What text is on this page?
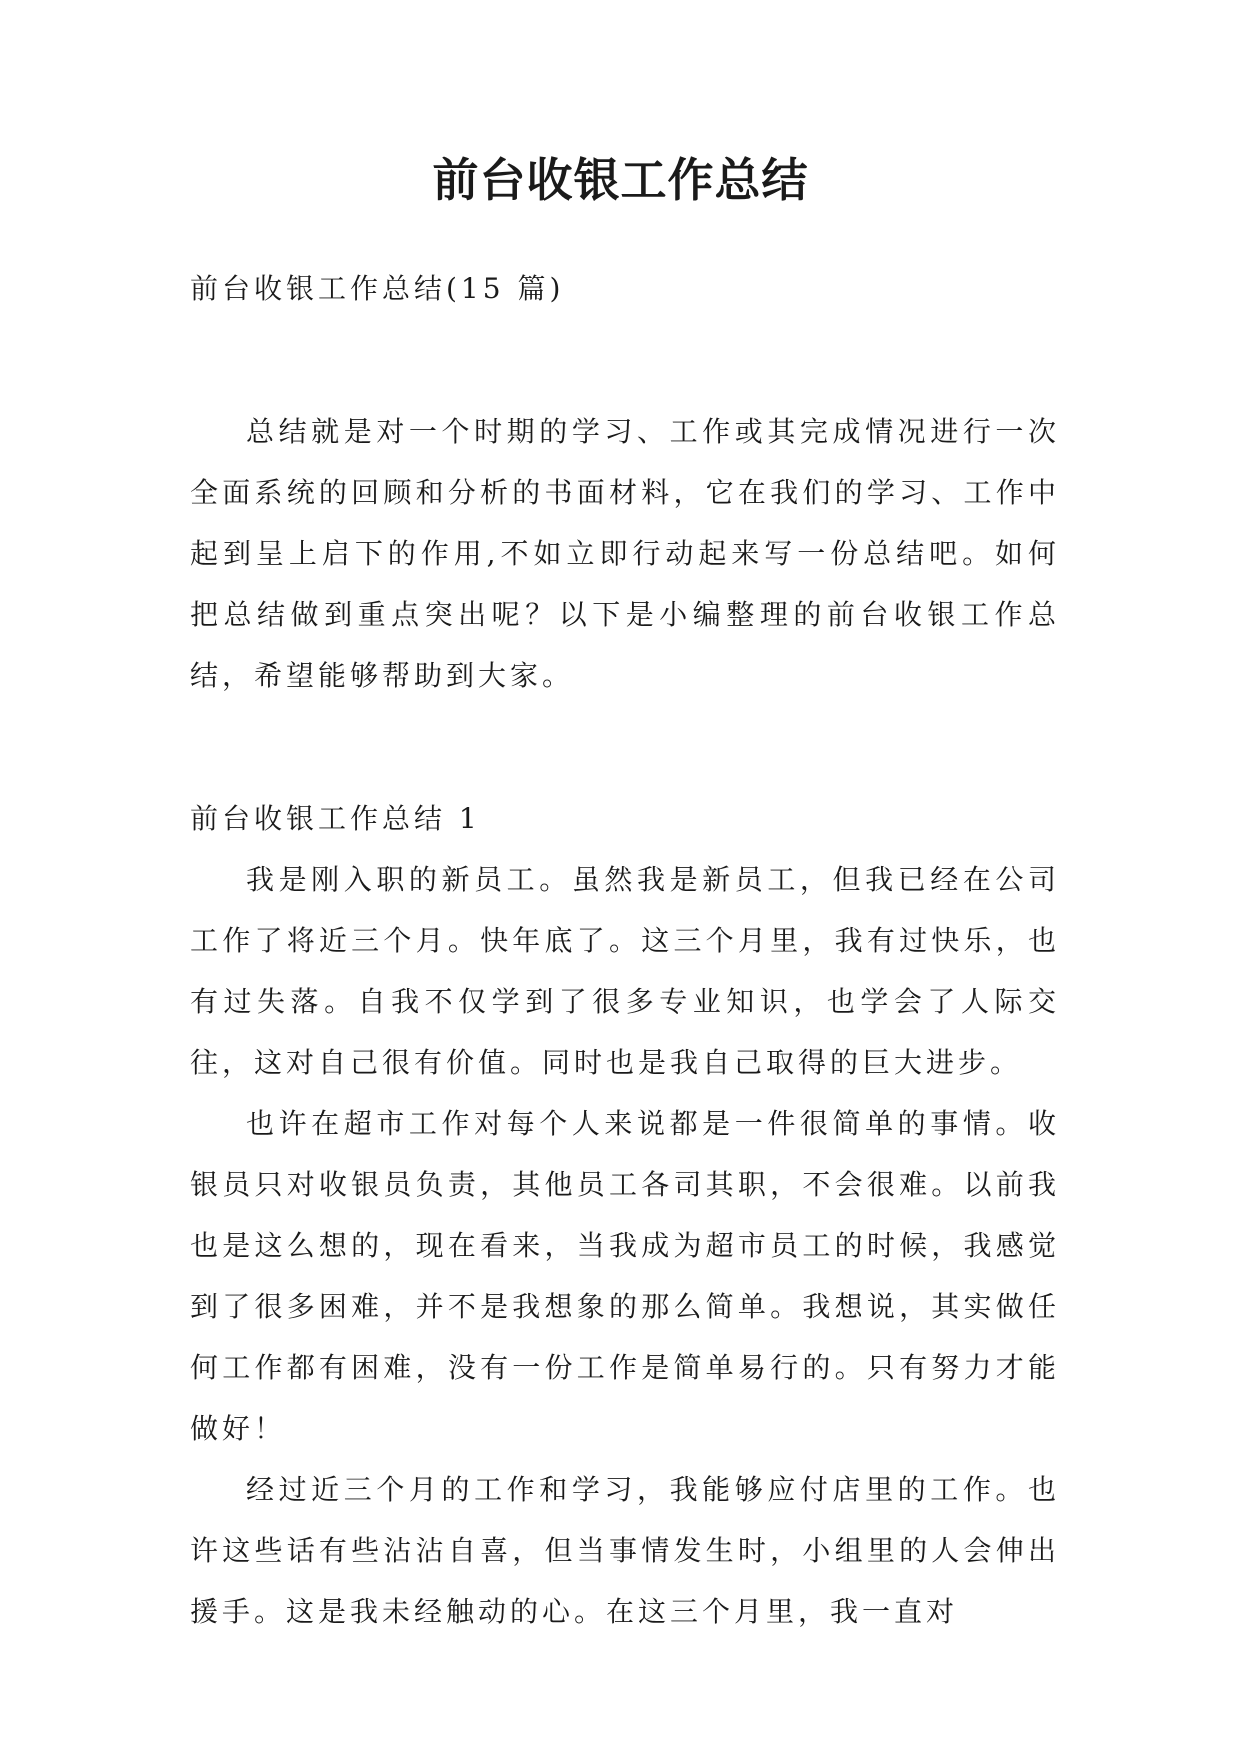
前台收银工作总结

前台收银工作总结(15 篇)

总结就是对一个时期的学习、工作或其完成情况进行一次全面系统的回顾和分析的书面材料，它在我们的学习、工作中起到呈上启下的作用,不如立即行动起来写一份总结吧。如何把总结做到重点突出呢？以下是小编整理的前台收银工作总结，希望能够帮助到大家。

前台收银工作总结 1

我是刚入职的新员工。虽然我是新员工，但我已经在公司工作了将近三个月。快年底了。这三个月里，我有过快乐，也有过失落。自我不仅学到了很多专业知识，也学会了人际交往，这对自己很有价值。同时也是我自己取得的巨大进步。

也许在超市工作对每个人来说都是一件很简单的事情。收银员只对收银员负责，其他员工各司其职，不会很难。以前我也是这么想的，现在看来，当我成为超市员工的时候，我感觉到了很多困难，并不是我想象的那么简单。我想说，其实做任何工作都有困难，没有一份工作是简单易行的。只有努力才能做好！

经过近三个月的工作和学习，我能够应付店里的工作。也许这些话有些沾沾自喜，但当事情发生时，小组里的人会伸出援手。这是我未经触动的心。在这三个月里，我一直对
